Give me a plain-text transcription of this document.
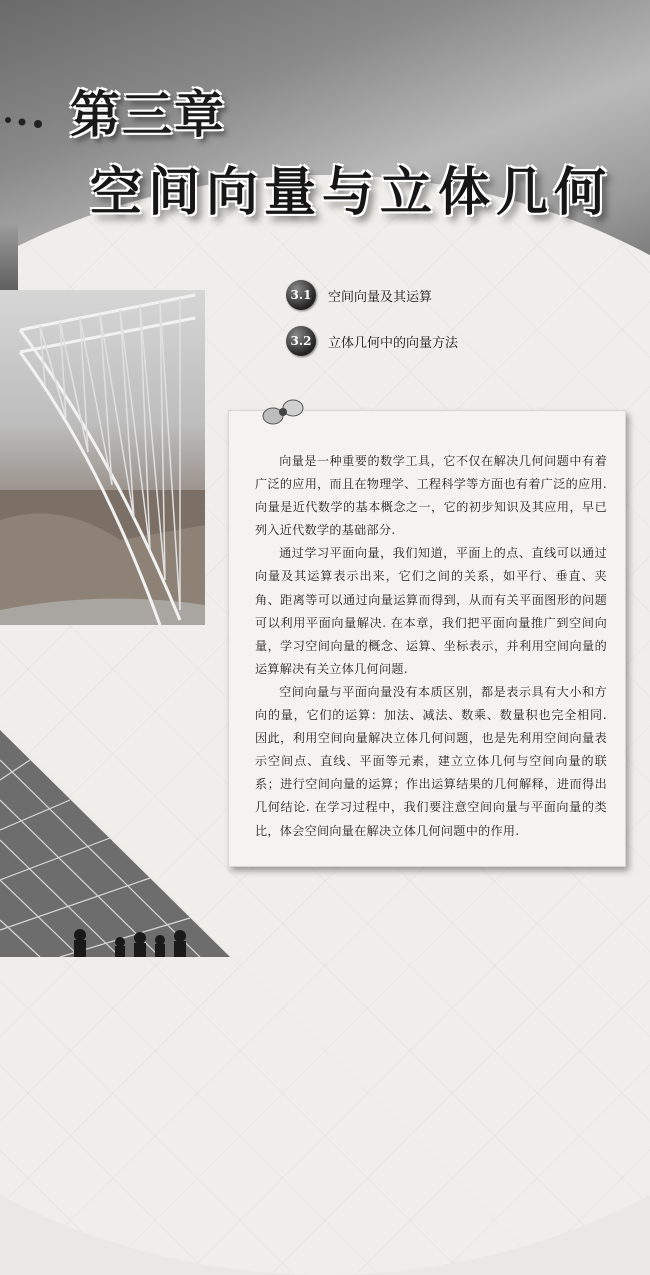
第三章
空间向量与立体几何
3.1	空间向量及其运算
3.2	立体几何中的向量方法

向量是一种重要的数学工具，它不仅在解决几何问题中有着广泛的应用，而且在物理学、工程科学等方面也有着广泛的应用. 向量是近代数学的基本概念之一，它的初步知识及其应用，早已列入近代数学的基础部分.

通过学习平面向量，我们知道，平面上的点、直线可以通过向量及其运算表示出来，它们之间的关系，如平行、垂直、夹角、距离等可以通过向量运算而得到，从而有关平面图形的问题可以利用平面向量解决. 在本章，我们把平面向量推广到空间向量，学习空间向量的概念、运算、坐标表示，并利用空间向量的运算解决有关立体几何问题.

空间向量与平面向量没有本质区别，都是表示具有大小和方向的量，它们的运算：加法、减法、数乘、数量积也完全相同. 因此，利用空间向量解决立体几何问题，也是先利用空间向量表示空间点、直线、平面等元素，建立立体几何与空间向量的联系；进行空间向量的运算；作出运算结果的几何解释，进而得出几何结论. 在学习过程中，我们要注意空间向量与平面向量的类比，体会空间向量在解决立体几何问题中的作用.
